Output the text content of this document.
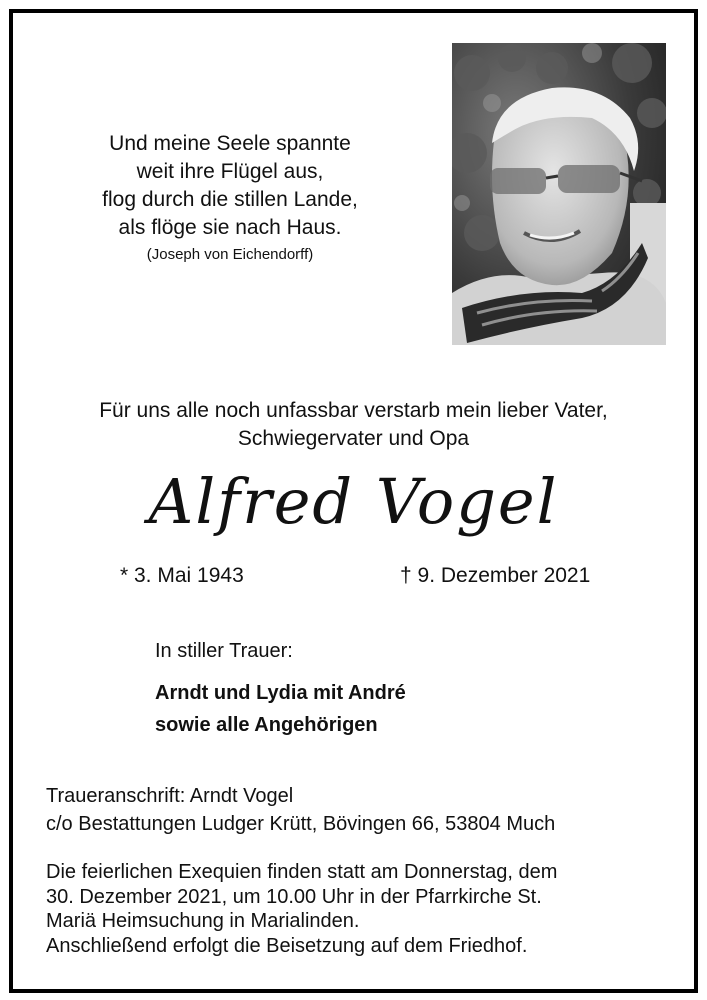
Und meine Seele spannte
weit ihre Flügel aus,
flog durch die stillen Lande,
als flöge sie nach Haus.
(Joseph von Eichendorff)
Für uns alle noch unfassbar verstarb mein lieber Vater,
Schwiegervater und Opa
Alfred Vogel
* 3. Mai 1943	† 9. Dezember 2021
In stiller Trauer:
Arndt und Lydia mit André
sowie alle Angehörigen
Traueranschrift: Arndt Vogel
c/o Bestattungen Ludger Krütt, Bövingen 66, 53804 Much
Die feierlichen Exequien finden statt am Donnerstag, dem
30. Dezember 2021, um 10.00 Uhr in der Pfarrkirche St.
Mariä Heimsuchung in Marialinden.
Anschließend erfolgt die Beisetzung auf dem Friedhof.
